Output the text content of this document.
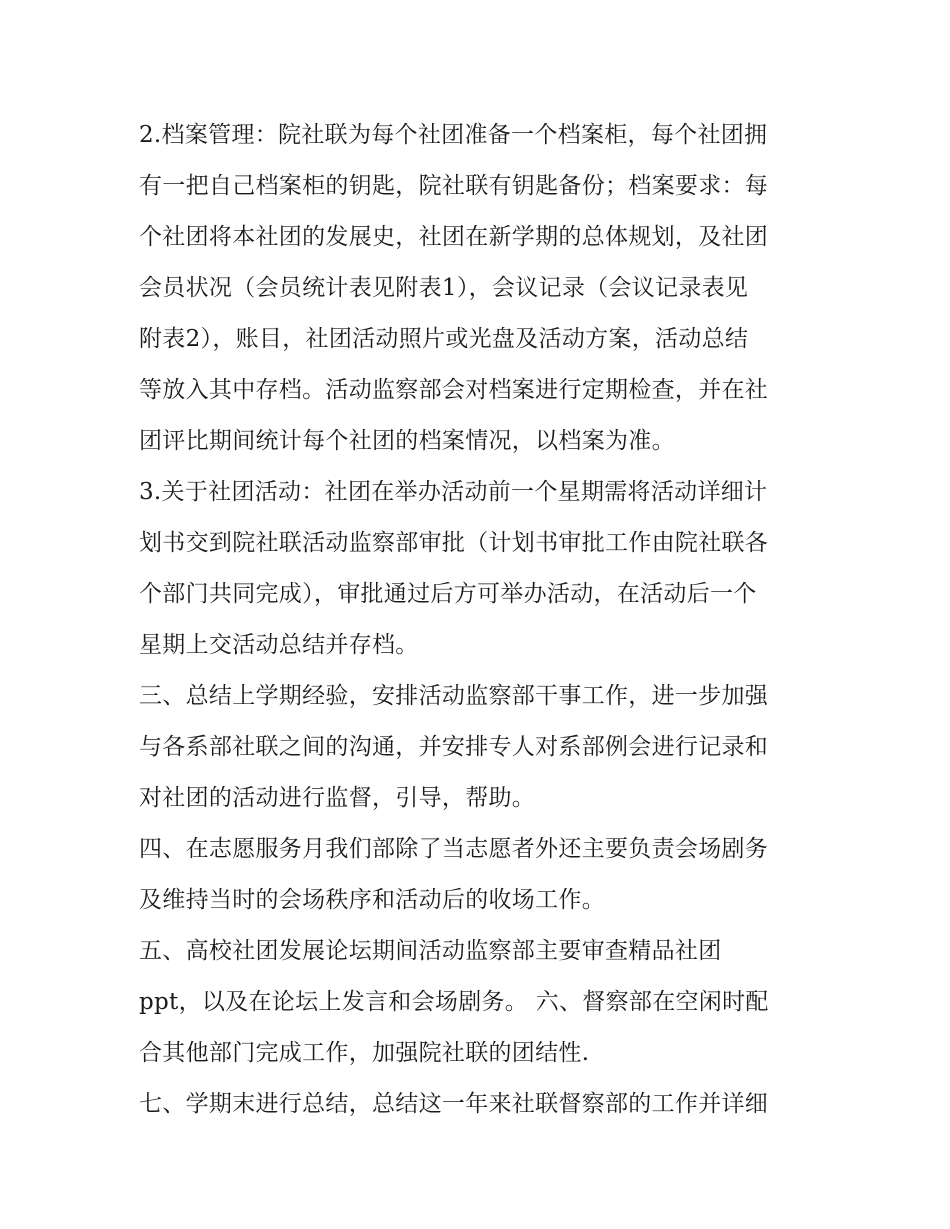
2.档案管理：院社联为每个社团准备一个档案柜，每个社团拥
有一把自己档案柜的钥匙，院社联有钥匙备份；档案要求：每
个社团将本社团的发展史，社团在新学期的总体规划，及社团
会员状况（会员统计表见附表1），会议记录（会议记录表见
附表2），账目，社团活动照片或光盘及活动方案，活动总结
等放入其中存档。活动监察部会对档案进行定期检查，并在社
团评比期间统计每个社团的档案情况，以档案为准。
3.关于社团活动：社团在举办活动前一个星期需将活动详细计
划书交到院社联活动监察部审批（计划书审批工作由院社联各
个部门共同完成），审批通过后方可举办活动，在活动后一个
星期上交活动总结并存档。
三、总结上学期经验，安排活动监察部干事工作，进一步加强
与各系部社联之间的沟通，并安排专人对系部例会进行记录和
对社团的活动进行监督，引导，帮助。
四、在志愿服务月我们部除了当志愿者外还主要负责会场剧务
及维持当时的会场秩序和活动后的收场工作。
五、高校社团发展论坛期间活动监察部主要审查精品社团
ppt，以及在论坛上发言和会场剧务。 六、督察部在空闲时配
合其他部门完成工作，加强院社联的团结性.
七、学期末进行总结，总结这一年来社联督察部的工作并详细
